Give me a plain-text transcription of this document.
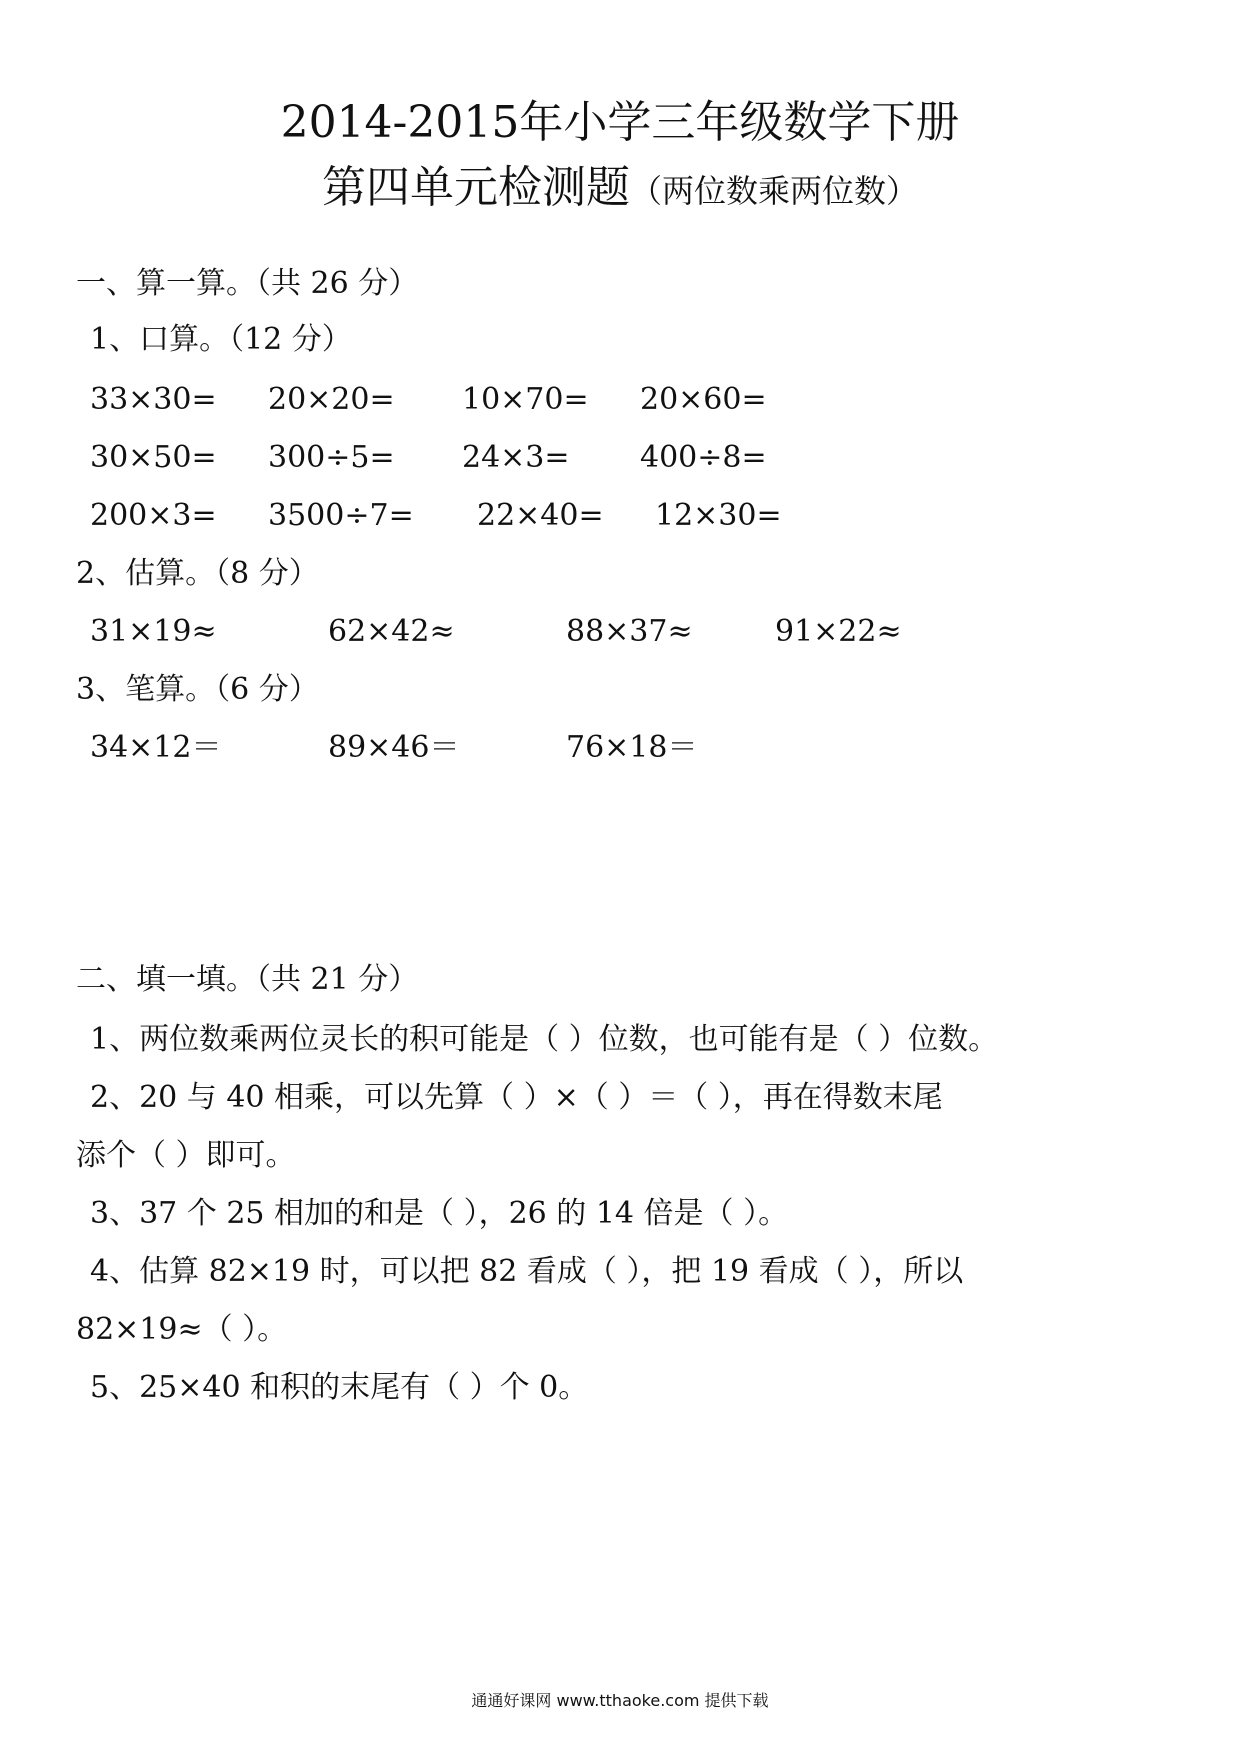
2014-2015年小学三年级数学下册
第四单元检测题（两位数乘两位数）
一、算一算。（共 26 分）
1、口算。（12 分）
33×30= 20×20= 10×70= 20×60=
30×50= 300÷5= 24×3= 400÷8=
200×3= 3500÷7= 22×40= 12×30=
2、估算。（8 分）
31×19≈	62×42≈	88×37≈	91×22≈
3、笔算。（6 分）
34×12＝	89×46＝	76×18＝
二、填一填。（共 21 分）
1、两位数乘两位灵长的积可能是（ ）位数，也可能有是（ ）位数。
2、20 与 40 相乘，可以先算（ ）×（ ）＝（ ），再在得数末尾
添个（ ）即可。
3、37 个 25 相加的和是（ ），26 的 14 倍是（ ）。
4、估算 82×19 时，可以把 82 看成（ ），把 19 看成（ ），所以
82×19≈（ ）。
5、25×40 和积的末尾有（ ）个 0。
通通好课网 www.tthaoke.com 提供下载
